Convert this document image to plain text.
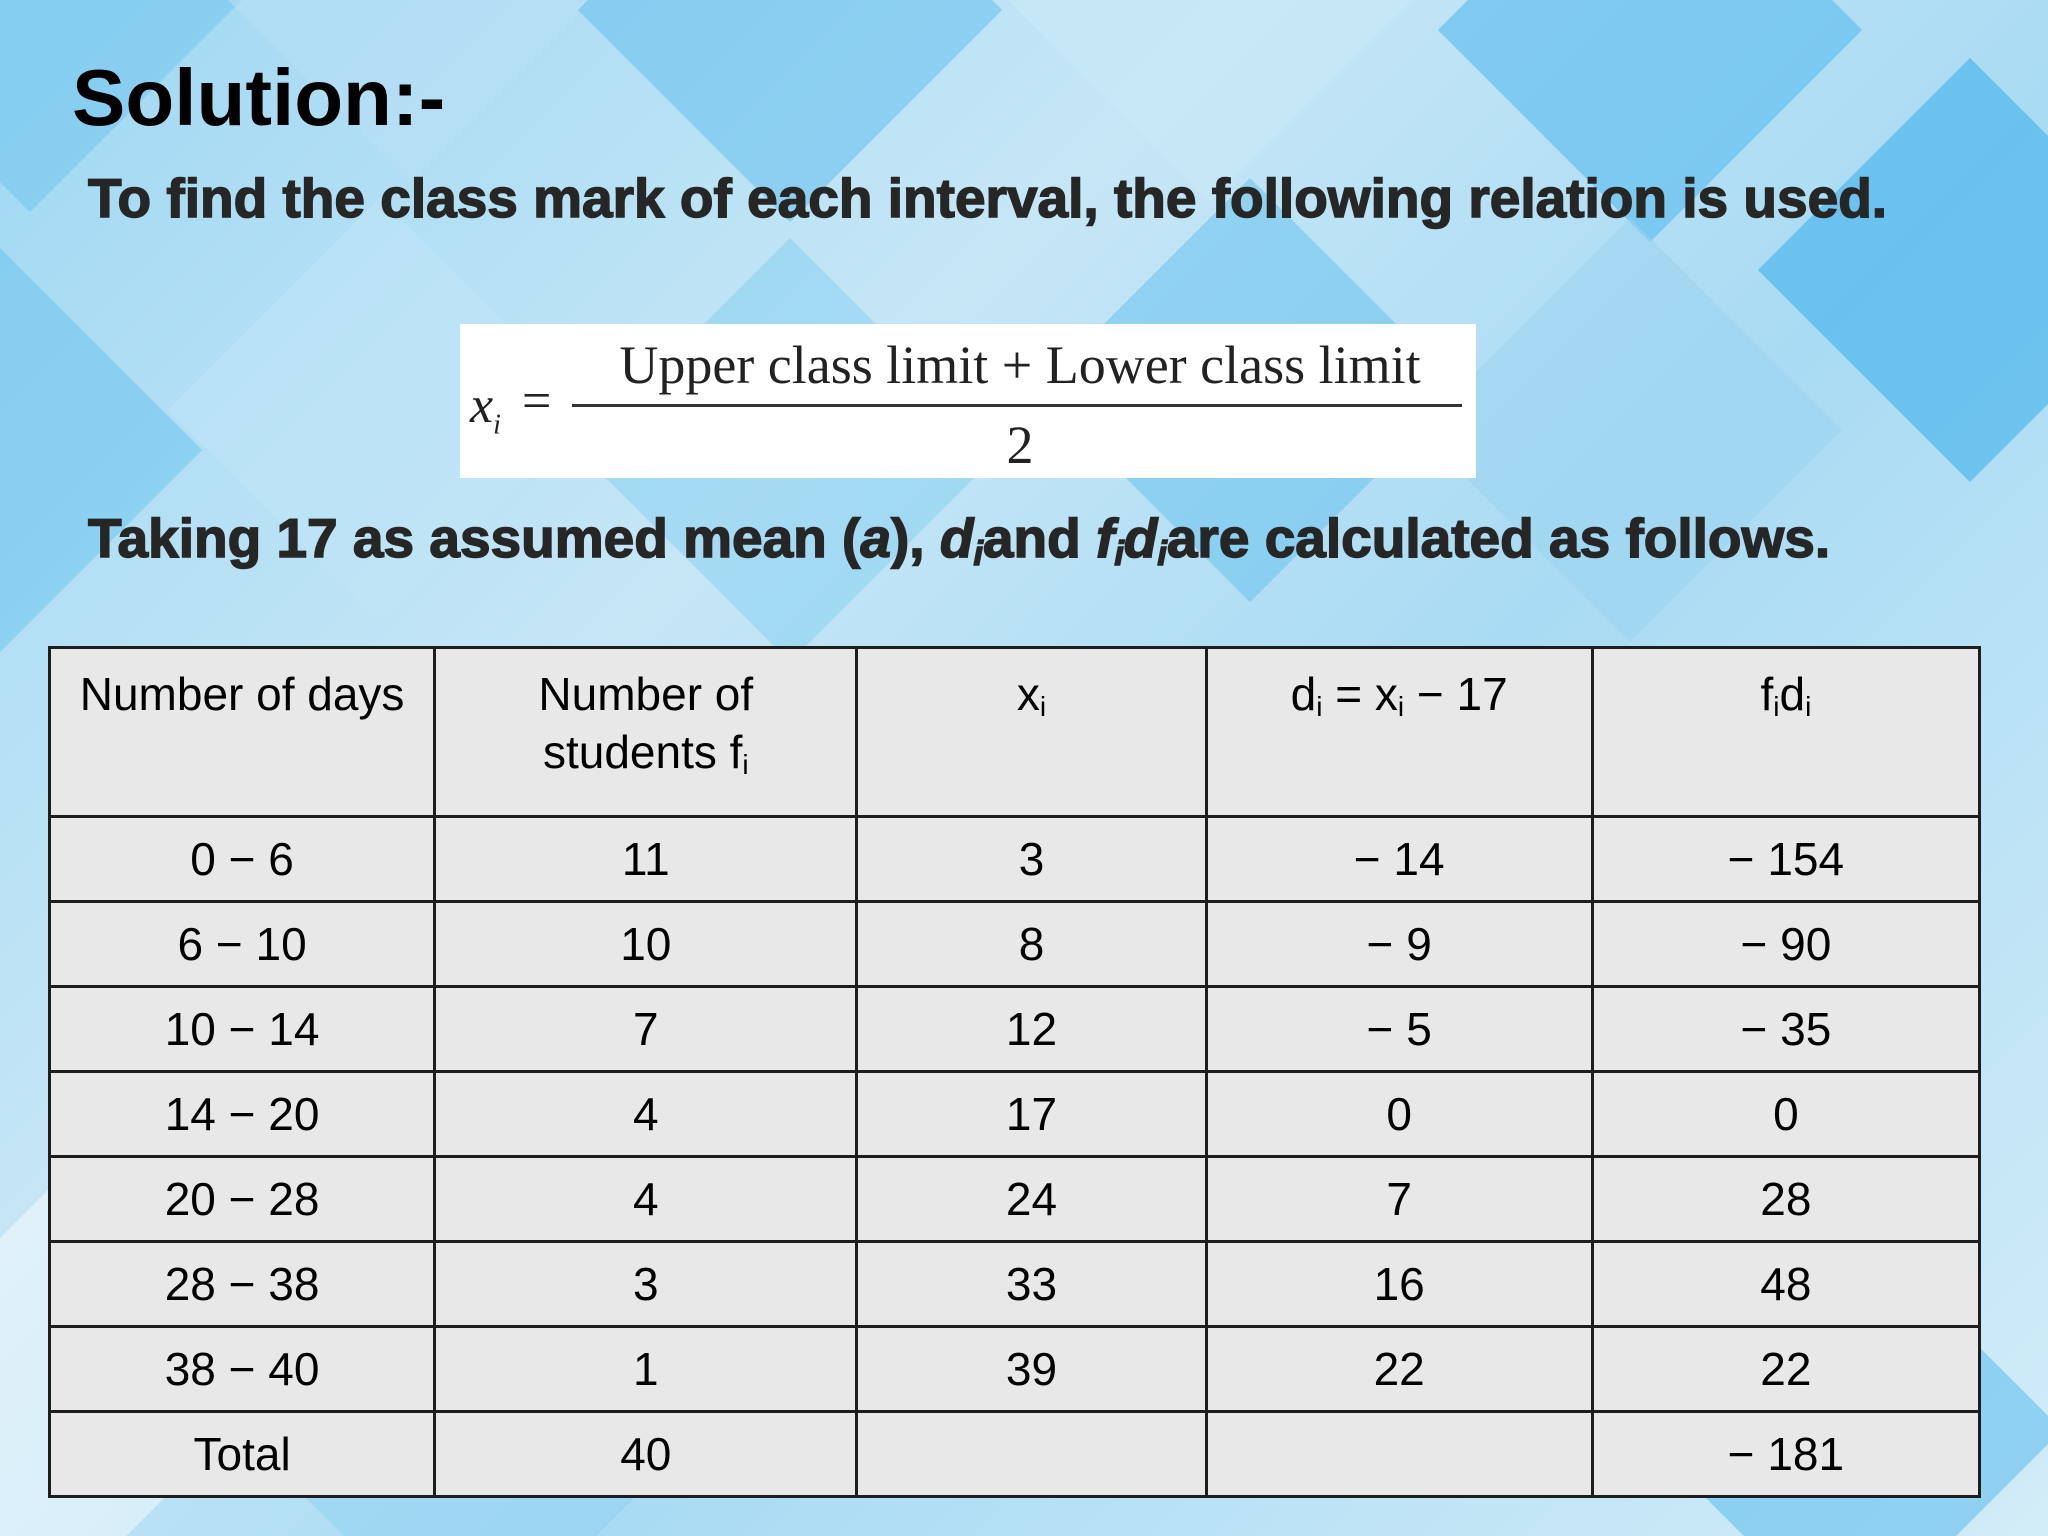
Solution:-

To find the class mark of each interval, the following relation is used.

$x_i$ =
Upper class limit + Lower class limit
2

Taking 17 as assumed mean (a), $d_iand$ $f_id_iare$ calculated as follows.

Number of days	Number of students $f_i$	$x_i$	$d_i = x_i - 17$	$f_id_i$
0 − 6	11	3	− 14	− 154
6 − 10	10	8	− 9	− 90
10 − 14	7	12	− 5	− 35
14 − 20	4	17	0	0
20 − 28	4	24	7	28
28 − 38	3	33	16	48
38 − 40	1	39	22	22
Total	40			− 181
